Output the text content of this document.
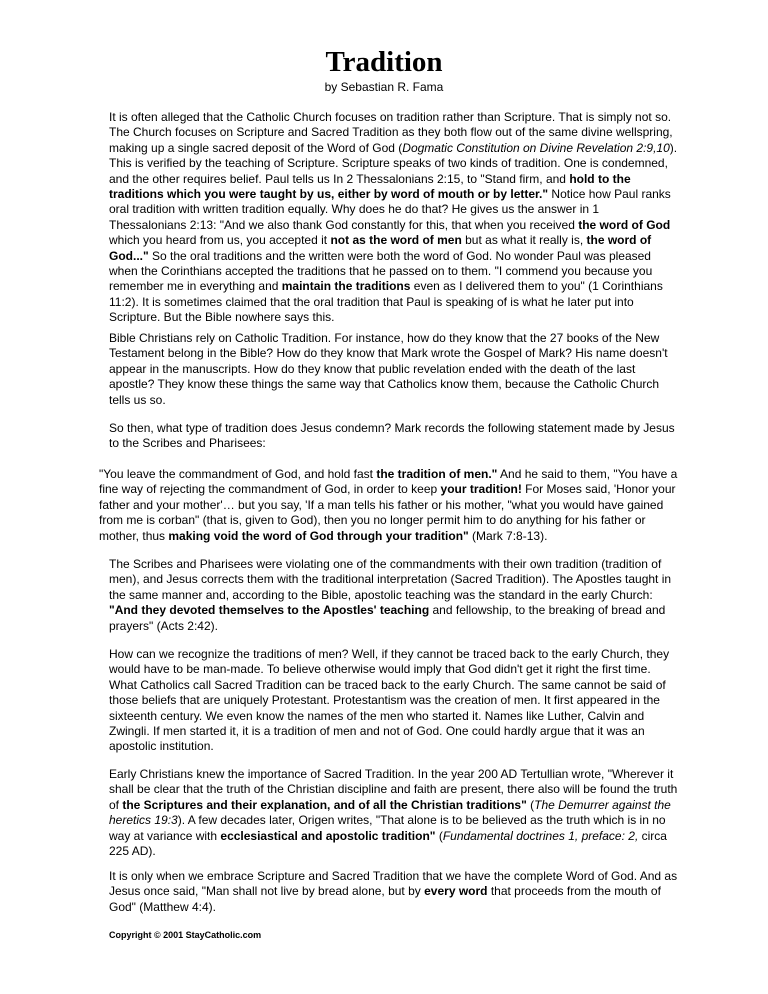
Tradition

by Sebastian R. Fama

It is often alleged that the Catholic Church focuses on tradition rather than Scripture. That is simply not so. The Church focuses on Scripture and Sacred Tradition as they both flow out of the same divine wellspring, making up a single sacred deposit of the Word of God (Dogmatic Constitution on Divine Revelation 2:9,10). This is verified by the teaching of Scripture. Scripture speaks of two kinds of tradition. One is condemned, and the other requires belief. Paul tells us In 2 Thessalonians 2:15, to "Stand firm, and hold to the traditions which you were taught by us, either by word of mouth or by letter." Notice how Paul ranks oral tradition with written tradition equally. Why does he do that? He gives us the answer in 1 Thessalonians 2:13: "And we also thank God constantly for this, that when you received the word of God which you heard from us, you accepted it not as the word of men but as what it really is, the word of God..." So the oral traditions and the written were both the word of God. No wonder Paul was pleased when the Corinthians accepted the traditions that he passed on to them. "I commend you because you remember me in everything and maintain the traditions even as I delivered them to you" (1 Corinthians 11:2). It is sometimes claimed that the oral tradition that Paul is speaking of is what he later put into Scripture. But the Bible nowhere says this.

Bible Christians rely on Catholic Tradition. For instance, how do they know that the 27 books of the New Testament belong in the Bible? How do they know that Mark wrote the Gospel of Mark? His name doesn't appear in the manuscripts. How do they know that public revelation ended with the death of the last apostle? They know these things the same way that Catholics know them, because the Catholic Church tells us so.

So then, what type of tradition does Jesus condemn? Mark records the following statement made by Jesus to the Scribes and Pharisees:

"You leave the commandment of God, and hold fast the tradition of men." And he said to them, "You have a fine way of rejecting the commandment of God, in order to keep your tradition! For Moses said, 'Honor your father and your mother'… but you say, 'If a man tells his father or his mother, "what you would have gained from me is corban" (that is, given to God), then you no longer permit him to do anything for his father or mother, thus making void the word of God through your tradition" (Mark 7:8-13).

The Scribes and Pharisees were violating one of the commandments with their own tradition (tradition of men), and Jesus corrects them with the traditional interpretation (Sacred Tradition). The Apostles taught in the same manner and, according to the Bible, apostolic teaching was the standard in the early Church: "And they devoted themselves to the Apostles' teaching and fellowship, to the breaking of bread and prayers" (Acts 2:42).

How can we recognize the traditions of men? Well, if they cannot be traced back to the early Church, they would have to be man-made. To believe otherwise would imply that God didn't get it right the first time. What Catholics call Sacred Tradition can be traced back to the early Church. The same cannot be said of those beliefs that are uniquely Protestant. Protestantism was the creation of men. It first appeared in the sixteenth century. We even know the names of the men who started it. Names like Luther, Calvin and Zwingli. If men started it, it is a tradition of men and not of God. One could hardly argue that it was an apostolic institution.

Early Christians knew the importance of Sacred Tradition. In the year 200 AD Tertullian wrote, "Wherever it shall be clear that the truth of the Christian discipline and faith are present, there also will be found the truth of the Scriptures and their explanation, and of all the Christian traditions" (The Demurrer against the heretics 19:3). A few decades later, Origen writes, "That alone is to be believed as the truth which is in no way at variance with ecclesiastical and apostolic tradition" (Fundamental doctrines 1, preface: 2, circa 225 AD).

It is only when we embrace Scripture and Sacred Tradition that we have the complete Word of God. And as Jesus once said, "Man shall not live by bread alone, but by every word that proceeds from the mouth of God" (Matthew 4:4).

Copyright © 2001 StayCatholic.com
